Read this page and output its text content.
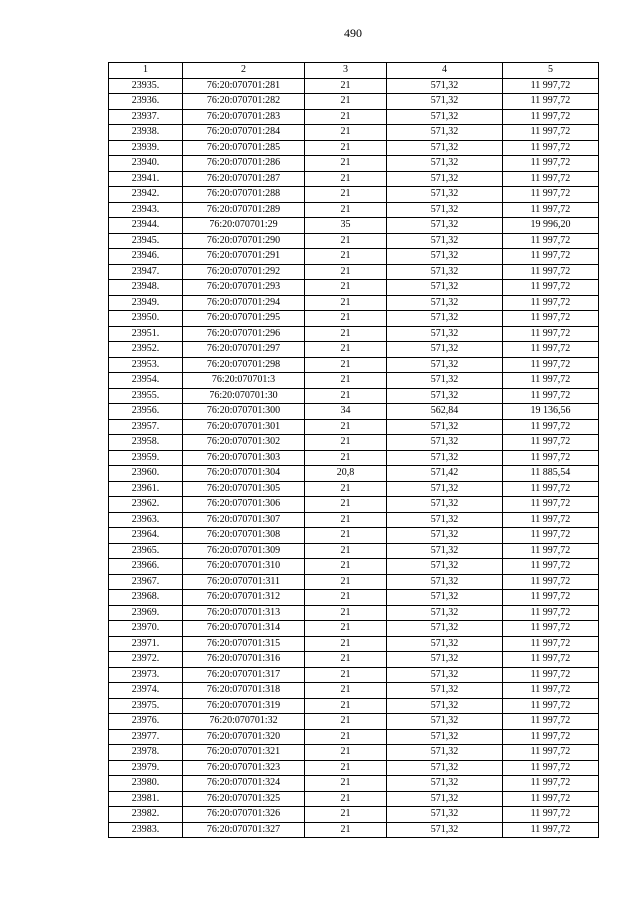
490
1	2	3	4	5
23935.	76:20:070701:281	21	571,32	11 997,72
23936.	76:20:070701:282	21	571,32	11 997,72
23937.	76:20:070701:283	21	571,32	11 997,72
23938.	76:20:070701:284	21	571,32	11 997,72
23939.	76:20:070701:285	21	571,32	11 997,72
23940.	76:20:070701:286	21	571,32	11 997,72
23941.	76:20:070701:287	21	571,32	11 997,72
23942.	76:20:070701:288	21	571,32	11 997,72
23943.	76:20:070701:289	21	571,32	11 997,72
23944.	76:20:070701:29	35	571,32	19 996,20
23945.	76:20:070701:290	21	571,32	11 997,72
23946.	76:20:070701:291	21	571,32	11 997,72
23947.	76:20:070701:292	21	571,32	11 997,72
23948.	76:20:070701:293	21	571,32	11 997,72
23949.	76:20:070701:294	21	571,32	11 997,72
23950.	76:20:070701:295	21	571,32	11 997,72
23951.	76:20:070701:296	21	571,32	11 997,72
23952.	76:20:070701:297	21	571,32	11 997,72
23953.	76:20:070701:298	21	571,32	11 997,72
23954.	76:20:070701:3	21	571,32	11 997,72
23955.	76:20:070701:30	21	571,32	11 997,72
23956.	76:20:070701:300	34	562,84	19 136,56
23957.	76:20:070701:301	21	571,32	11 997,72
23958.	76:20:070701:302	21	571,32	11 997,72
23959.	76:20:070701:303	21	571,32	11 997,72
23960.	76:20:070701:304	20,8	571,42	11 885,54
23961.	76:20:070701:305	21	571,32	11 997,72
23962.	76:20:070701:306	21	571,32	11 997,72
23963.	76:20:070701:307	21	571,32	11 997,72
23964.	76:20:070701:308	21	571,32	11 997,72
23965.	76:20:070701:309	21	571,32	11 997,72
23966.	76:20:070701:310	21	571,32	11 997,72
23967.	76:20:070701:311	21	571,32	11 997,72
23968.	76:20:070701:312	21	571,32	11 997,72
23969.	76:20:070701:313	21	571,32	11 997,72
23970.	76:20:070701:314	21	571,32	11 997,72
23971.	76:20:070701:315	21	571,32	11 997,72
23972.	76:20:070701:316	21	571,32	11 997,72
23973.	76:20:070701:317	21	571,32	11 997,72
23974.	76:20:070701:318	21	571,32	11 997,72
23975.	76:20:070701:319	21	571,32	11 997,72
23976.	76:20:070701:32	21	571,32	11 997,72
23977.	76:20:070701:320	21	571,32	11 997,72
23978.	76:20:070701:321	21	571,32	11 997,72
23979.	76:20:070701:323	21	571,32	11 997,72
23980.	76:20:070701:324	21	571,32	11 997,72
23981.	76:20:070701:325	21	571,32	11 997,72
23982.	76:20:070701:326	21	571,32	11 997,72
23983.	76:20:070701:327	21	571,32	11 997,72
